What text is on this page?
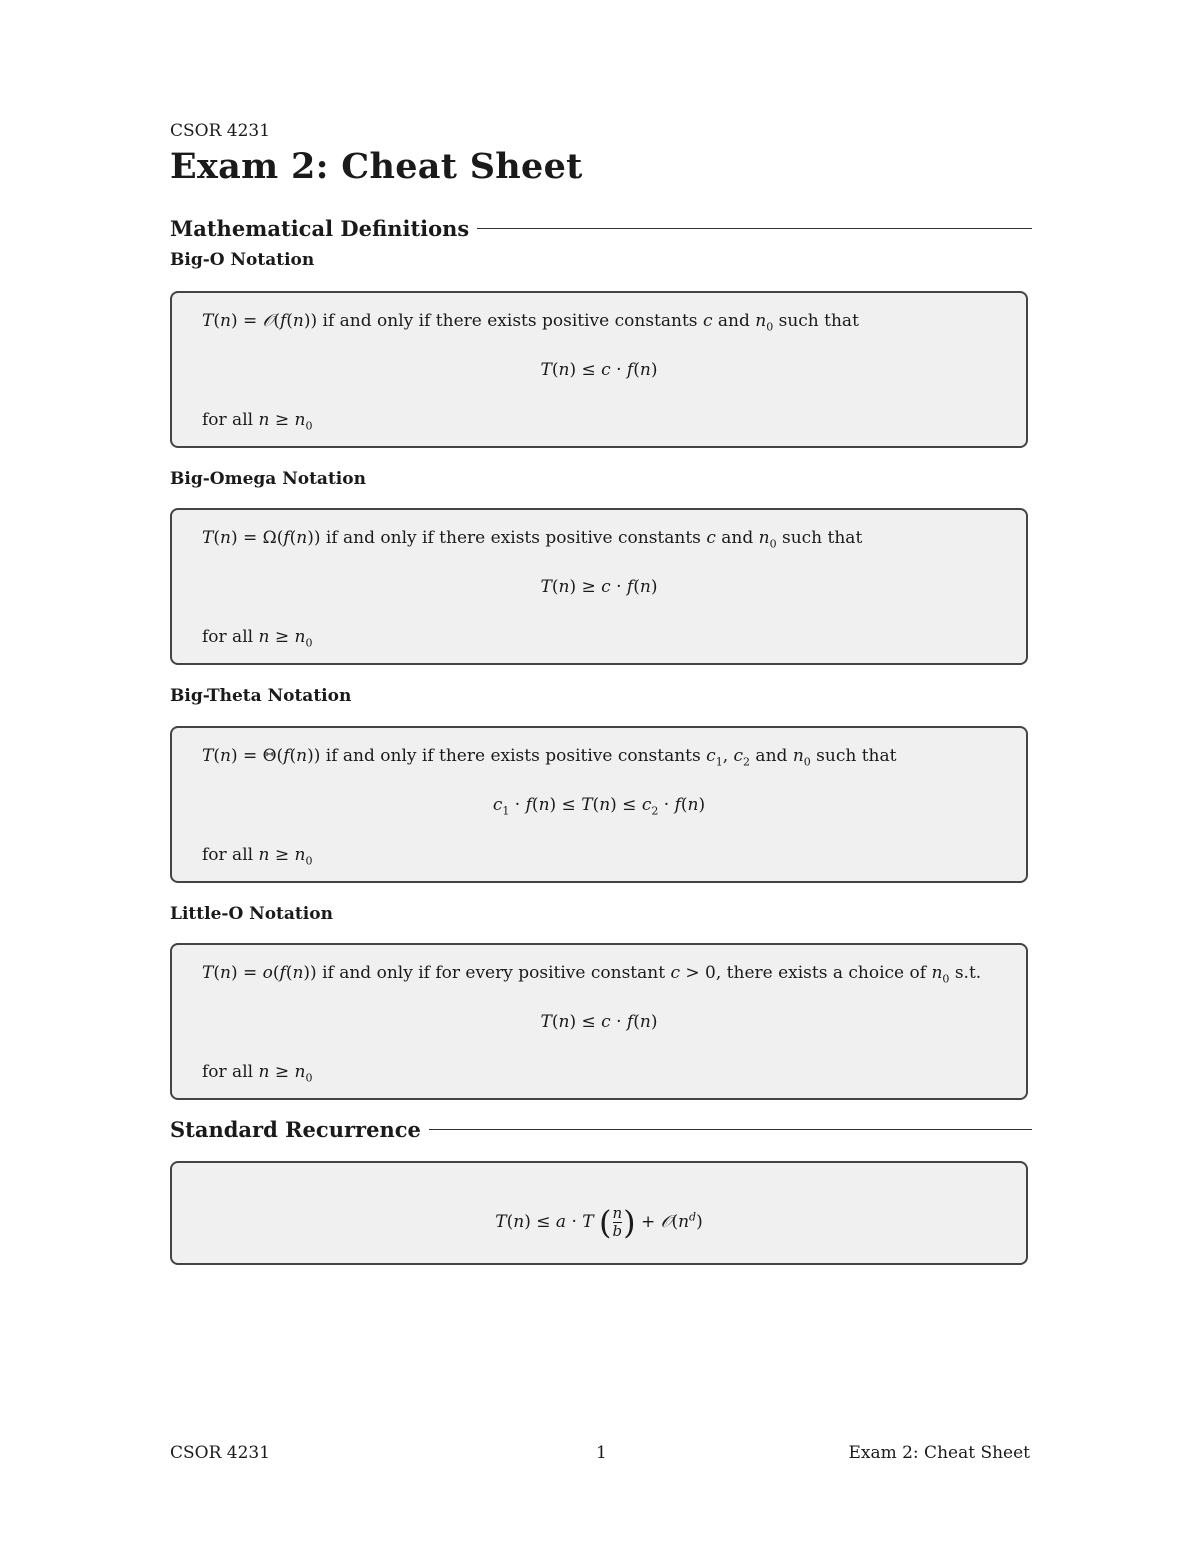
CSOR 4231
Exam 2: Cheat Sheet
Mathematical Definitions
Big-O Notation
T(n) = 𝒪(f(n)) if and only if there exists positive constants c and $n_0$ such that
T(n) ≤ c · f(n)
for all $n \ge n_0$
Big-Omega Notation
T(n) = Ω(f(n)) if and only if there exists positive constants c and $n_0$ such that
T(n) ≥ c · f(n)
for all $n \ge n_0$
Big-Theta Notation
T(n) = Θ(f(n)) if and only if there exists positive constants $c_1$, $c_2$ and $n_0$ such that
$c_1 \cdot f(n) \le T(n) \le c_2 \cdot f(n)$
for all $n \ge n_0$
Little-O Notation
T(n) = o(f(n)) if and only if for every positive constant c > 0, there exists a choice of $n_0$ s.t.
T(n) ≤ c · f(n)
for all $n \ge n_0$
Standard Recurrence
T(n) ≤ a · T ( $\frac{n}{b}$ ) + $𝒪(n^d)$
CSOR 4231	1	Exam 2: Cheat Sheet
